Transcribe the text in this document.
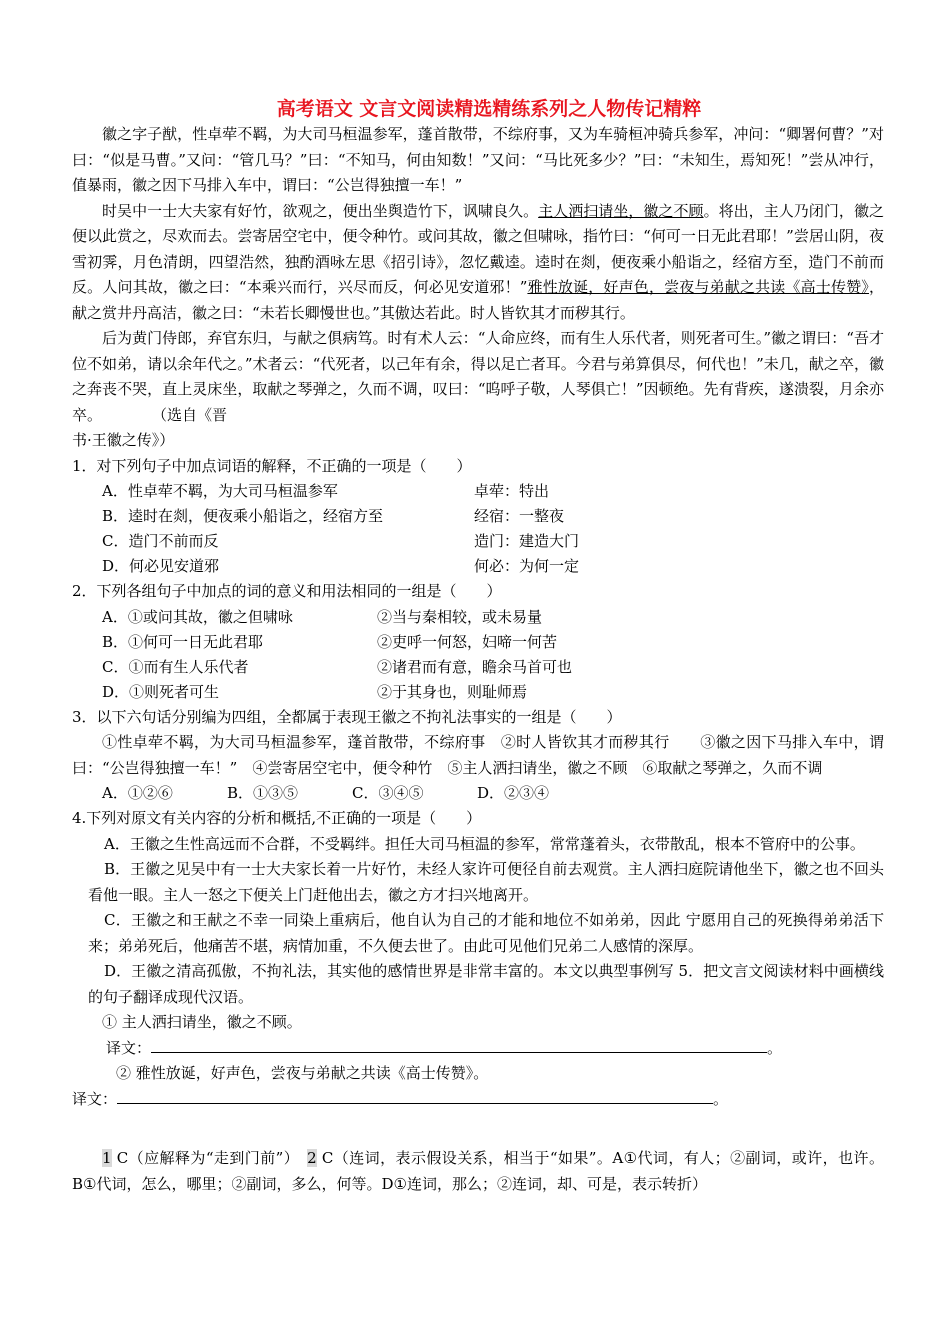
高考语文 文言文阅读精选精练系列之人物传记精粹

徽之字子猷，性卓荦不羁，为大司马桓温参军，蓬首散带，不综府事，又为车骑桓冲骑兵参军，冲问：“卿署何曹？”对曰：“似是马曹。”又问：“管几马？”曰：“不知马，何由知数！”又问：“马比死多少？”曰：“未知生，焉知死！”尝从冲行，值暴雨，徽之因下马排入车中，谓曰：“公岂得独擅一车！”

时吴中一士大夫家有好竹，欲观之，便出坐舆造竹下，讽啸良久。主人洒扫请坐，徽之不顾。将出，主人乃闭门，徽之便以此赏之，尽欢而去。尝寄居空宅中，便令种竹。或问其故，徽之但啸咏，指竹曰：“何可一日无此君耶！”尝居山阴，夜雪初霁，月色清朗，四望浩然，独酌酒咏左思《招引诗》，忽忆戴逵。逵时在剡，便夜乘小船诣之，经宿方至，造门不前而反。人问其故，徽之曰：“本乘兴而行，兴尽而反，何必见安道邪！”雅性放诞，好声色，尝夜与弟献之共读《高士传赞》，献之赏井丹高洁，徽之曰：“未若长卿慢世也。”其傲达若此。时人皆钦其才而秽其行。

后为黄门侍郎，弃官东归，与献之俱病笃。时有术人云：“人命应终，而有生人乐代者，则死者可生。”徽之谓曰：“吾才位不如弟，请以余年代之。”术者云：“代死者，以己年有余，得以足亡者耳。今君与弟算俱尽，何代也！”未几，献之卒，徽之奔丧不哭，直上灵床坐，取献之琴弹之，久而不调，叹曰：“呜呼子敬，人琴俱亡！”因顿绝。先有背疾，遂溃裂，月余亦卒。	（选自《晋

书·王徽之传》）

1．对下列句子中加点词语的解释，不正确的一项是（　　）

A．性卓荦不羁，为大司马桓温参军	卓荦：特出
B．逵时在剡，便夜乘小船诣之，经宿方至	经宿：一整夜
C．造门不前而反	造门：建造大门
D．何必见安道邪	何必：为何一定

2．下列各组句子中加点的词的意义和用法相同的一组是（　　）

A．①或问其故，徽之但啸咏	②当与秦相较，或未易量
B．①何可一日无此君耶	②吏呼一何怒，妇啼一何苦
C．①而有生人乐代者	②诸君而有意，瞻余马首可也
D．①则死者可生	②于其身也，则耻师焉

3．以下六句话分别编为四组，全都属于表现王徽之不拘礼法事实的一组是（　　）

①性卓荦不羁，为大司马桓温参军，蓬首散带，不综府事　②时人皆钦其才而秽其行　　③徽之因下马排入车中，谓曰：“公岂得独擅一车！”　④尝寄居空宅中，便令种竹　⑤主人洒扫请坐，徽之不顾　⑥取献之琴弹之，久而不调

A．①②⑥	B．①③⑤	C．③④⑤	D．②③④

4.下列对原文有关内容的分析和概括,不正确的一项是（　　）

A．王徽之生性高远而不合群，不受羁绊。担任大司马桓温的参军，常常蓬着头，衣带散乱，根本不管府中的公事。

B．王徽之见吴中有一士大夫家长着一片好竹，未经人家许可便径自前去观赏。主人洒扫庭院请他坐下，徽之也不回头看他一眼。主人一怒之下便关上门赶他出去，徽之方才扫兴地离开。

C．王徽之和王献之不幸一同染上重病后，他自认为自己的才能和地位不如弟弟，因此 宁愿用自己的死换得弟弟活下来；弟弟死后，他痛苦不堪，病情加重，不久便去世了。由此可见他们兄弟二人感情的深厚。

D．王徽之清高孤傲，不拘礼法，其实他的感情世界是非常丰富的。本文以典型事例写 5．把文言文阅读材料中画横线的句子翻译成现代汉语。

① 主人洒扫请坐，徽之不顾。

译文：	。

② 雅性放诞，好声色，尝夜与弟献之共读《高士传赞》。

译文：	。

1 C（应解释为“走到门前”）　 2 C（连词，表示假设关系，相当于“如果”。A①代词，有人；②副词，或许，也许。B①代词，怎么，哪里；②副词，多么，何等。D①连词，那么；②连词，却、可是，表示转折）
